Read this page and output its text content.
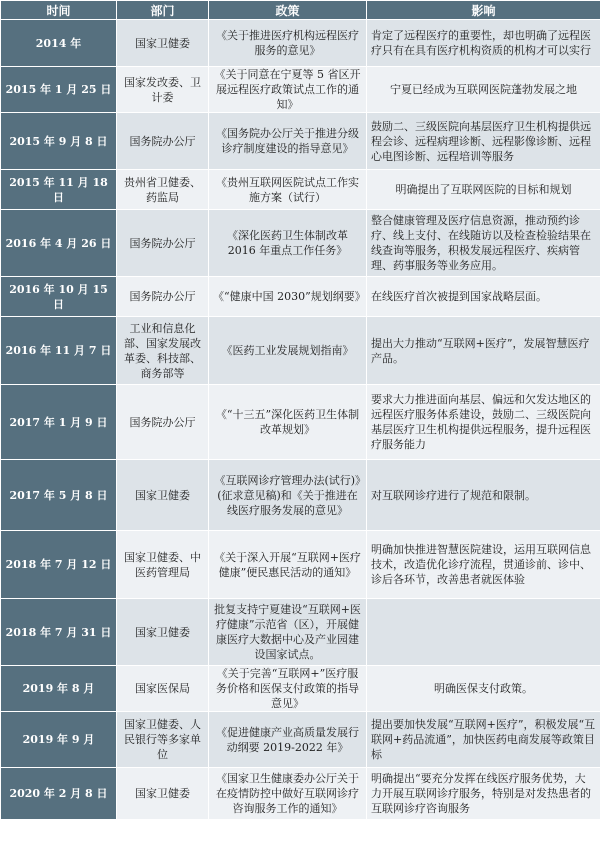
时间	部门	政策	影响
2014 年	国家卫健委	《关于推进医疗机构远程医疗服务的意见》	肯定了远程医疗的重要性，却也明确了远程医疗只有在具有医疗机构资质的机构才可以实行
2015 年 1 月 25 日	国家发改委、卫计委	《关于同意在宁夏等 5 省区开展远程医疗政策试点工作的通知》	宁夏已经成为互联网医院蓬勃发展之地
2015 年 9 月 8 日	国务院办公厅	《国务院办公厅关于推进分级诊疗制度建设的指导意见》	鼓励二、三级医院向基层医疗卫生机构提供远程会诊、远程病理诊断、远程影像诊断、远程心电图诊断、远程培训等服务
2015 年 11 月 18 日	贵州省卫健委、药监局	《贵州互联网医院试点工作实施方案（试行）	明确提出了互联网医院的目标和规划
2016 年 4 月 26 日	国务院办公厅	《深化医药卫生体制改革 2016 年重点工作任务》	整合健康管理及医疗信息资源，推动预约诊疗、线上支付、在线随访以及检查检验结果在线查询等服务，积极发展远程医疗、疾病管理、药事服务等业务应用。
2016 年 10 月 15 日	国务院办公厅	《“健康中国 2030”规划纲要》	在线医疗首次被提到国家战略层面。
2016 年 11 月 7 日	工业和信息化部、国家发展改革委、科技部、商务部等	《医药工业发展规划指南》	提出大力推动“互联网+医疗”，发展智慧医疗产品。
2017 年 1 月 9 日	国务院办公厅	《“十三五”深化医药卫生体制改革规划》	要求大力推进面向基层、偏远和欠发达地区的远程医疗服务体系建设，鼓励二、三级医院向基层医疗卫生机构提供远程服务，提升远程医疗服务能力
2017 年 5 月 8 日	国家卫健委	《互联网诊疗管理办法(试行)》(征求意见稿)和《关于推进在线医疗服务发展的意见》	对互联网诊疗进行了规范和限制。
2018 年 7 月 12 日	国家卫健委、中医药管理局	《关于深入开展“互联网+医疗健康”便民惠民活动的通知》	明确加快推进智慧医院建设，运用互联网信息技术，改造优化诊疗流程，贯通诊前、诊中、诊后各环节，改善患者就医体验
2018 年 7 月 31 日	国家卫健委	批复支持宁夏建设“互联网+医疗健康”示范省（区），开展健康医疗大数据中心及产业园建设国家试点。	
2019 年 8 月	国家医保局	《关于完善“互联网+”医疗服务价格和医保支付政策的指导意见》	明确医保支付政策。
2019 年 9 月	国家卫健委、人民银行等多家单位	《促进健康产业高质量发展行动纲要 2019-2022 年》	提出要加快发展“互联网+医疗”，积极发展“互联网+药品流通”，加快医药电商发展等政策目标
2020 年 2 月 8 日	国家卫健委	《国家卫生健康委办公厅关于在疫情防控中做好互联网诊疗咨询服务工作的通知》	明确提出“要充分发挥在线医疗服务优势，大力开展互联网诊疗服务，特别是对发热患者的互联网诊疗咨询服务
